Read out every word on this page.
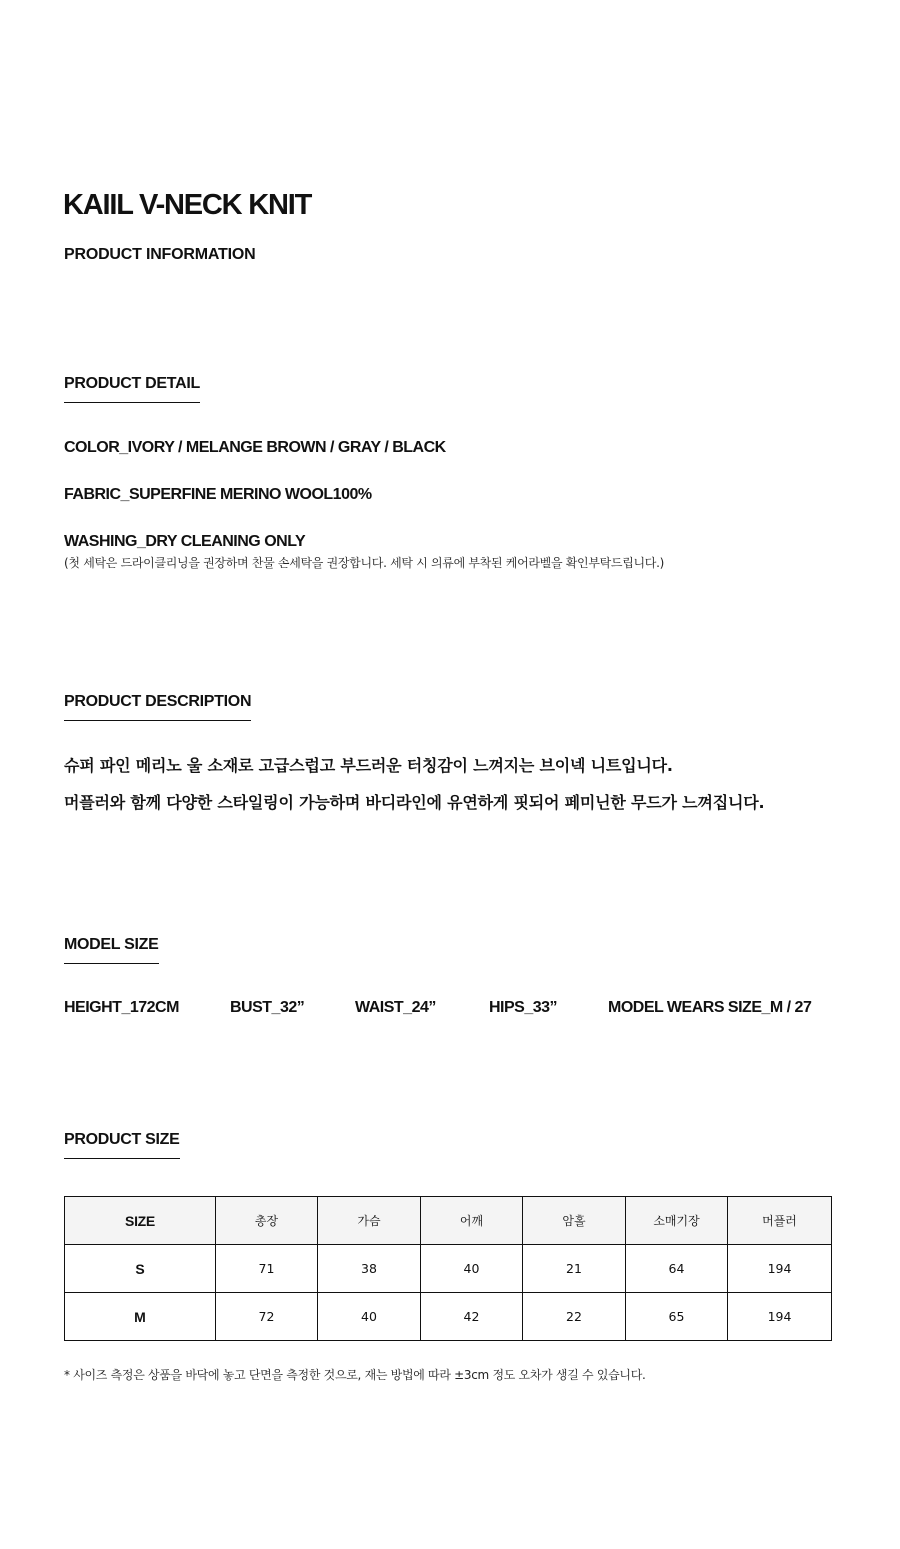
KAIIL V-NECK KNIT
PRODUCT INFORMATION
PRODUCT DETAIL
COLOR_IVORY / MELANGE BROWN / GRAY / BLACK
FABRIC_SUPERFINE MERINO WOOL100%
WASHING_DRY CLEANING ONLY
(첫 세탁은 드라이클리닝을 권장하며 찬물 손세탁을 권장합니다. 세탁 시 의류에 부착된 케어라벨을 확인부탁드립니다.)
PRODUCT DESCRIPTION
슈퍼 파인 메리노 울 소재로 고급스럽고 부드러운 터칭감이 느껴지는 브이넥 니트입니다.
머플러와 함께 다양한 스타일링이 가능하며 바디라인에 유연하게 핏되어 페미닌한 무드가 느껴집니다.
MODEL SIZE
HEIGHT_172CM	BUST_32”	WAIST_24”	HIPS_33”	MODEL WEARS SIZE_M / 27
PRODUCT SIZE
SIZE	총장	가슴	어깨	암홀	소매기장	머플러
S	71	38	40	21	64	194
M	72	40	42	22	65	194
* 사이즈 측정은 상품을 바닥에 놓고 단면을 측정한 것으로, 재는 방법에 따라 ±3cm 정도 오차가 생길 수 있습니다.
